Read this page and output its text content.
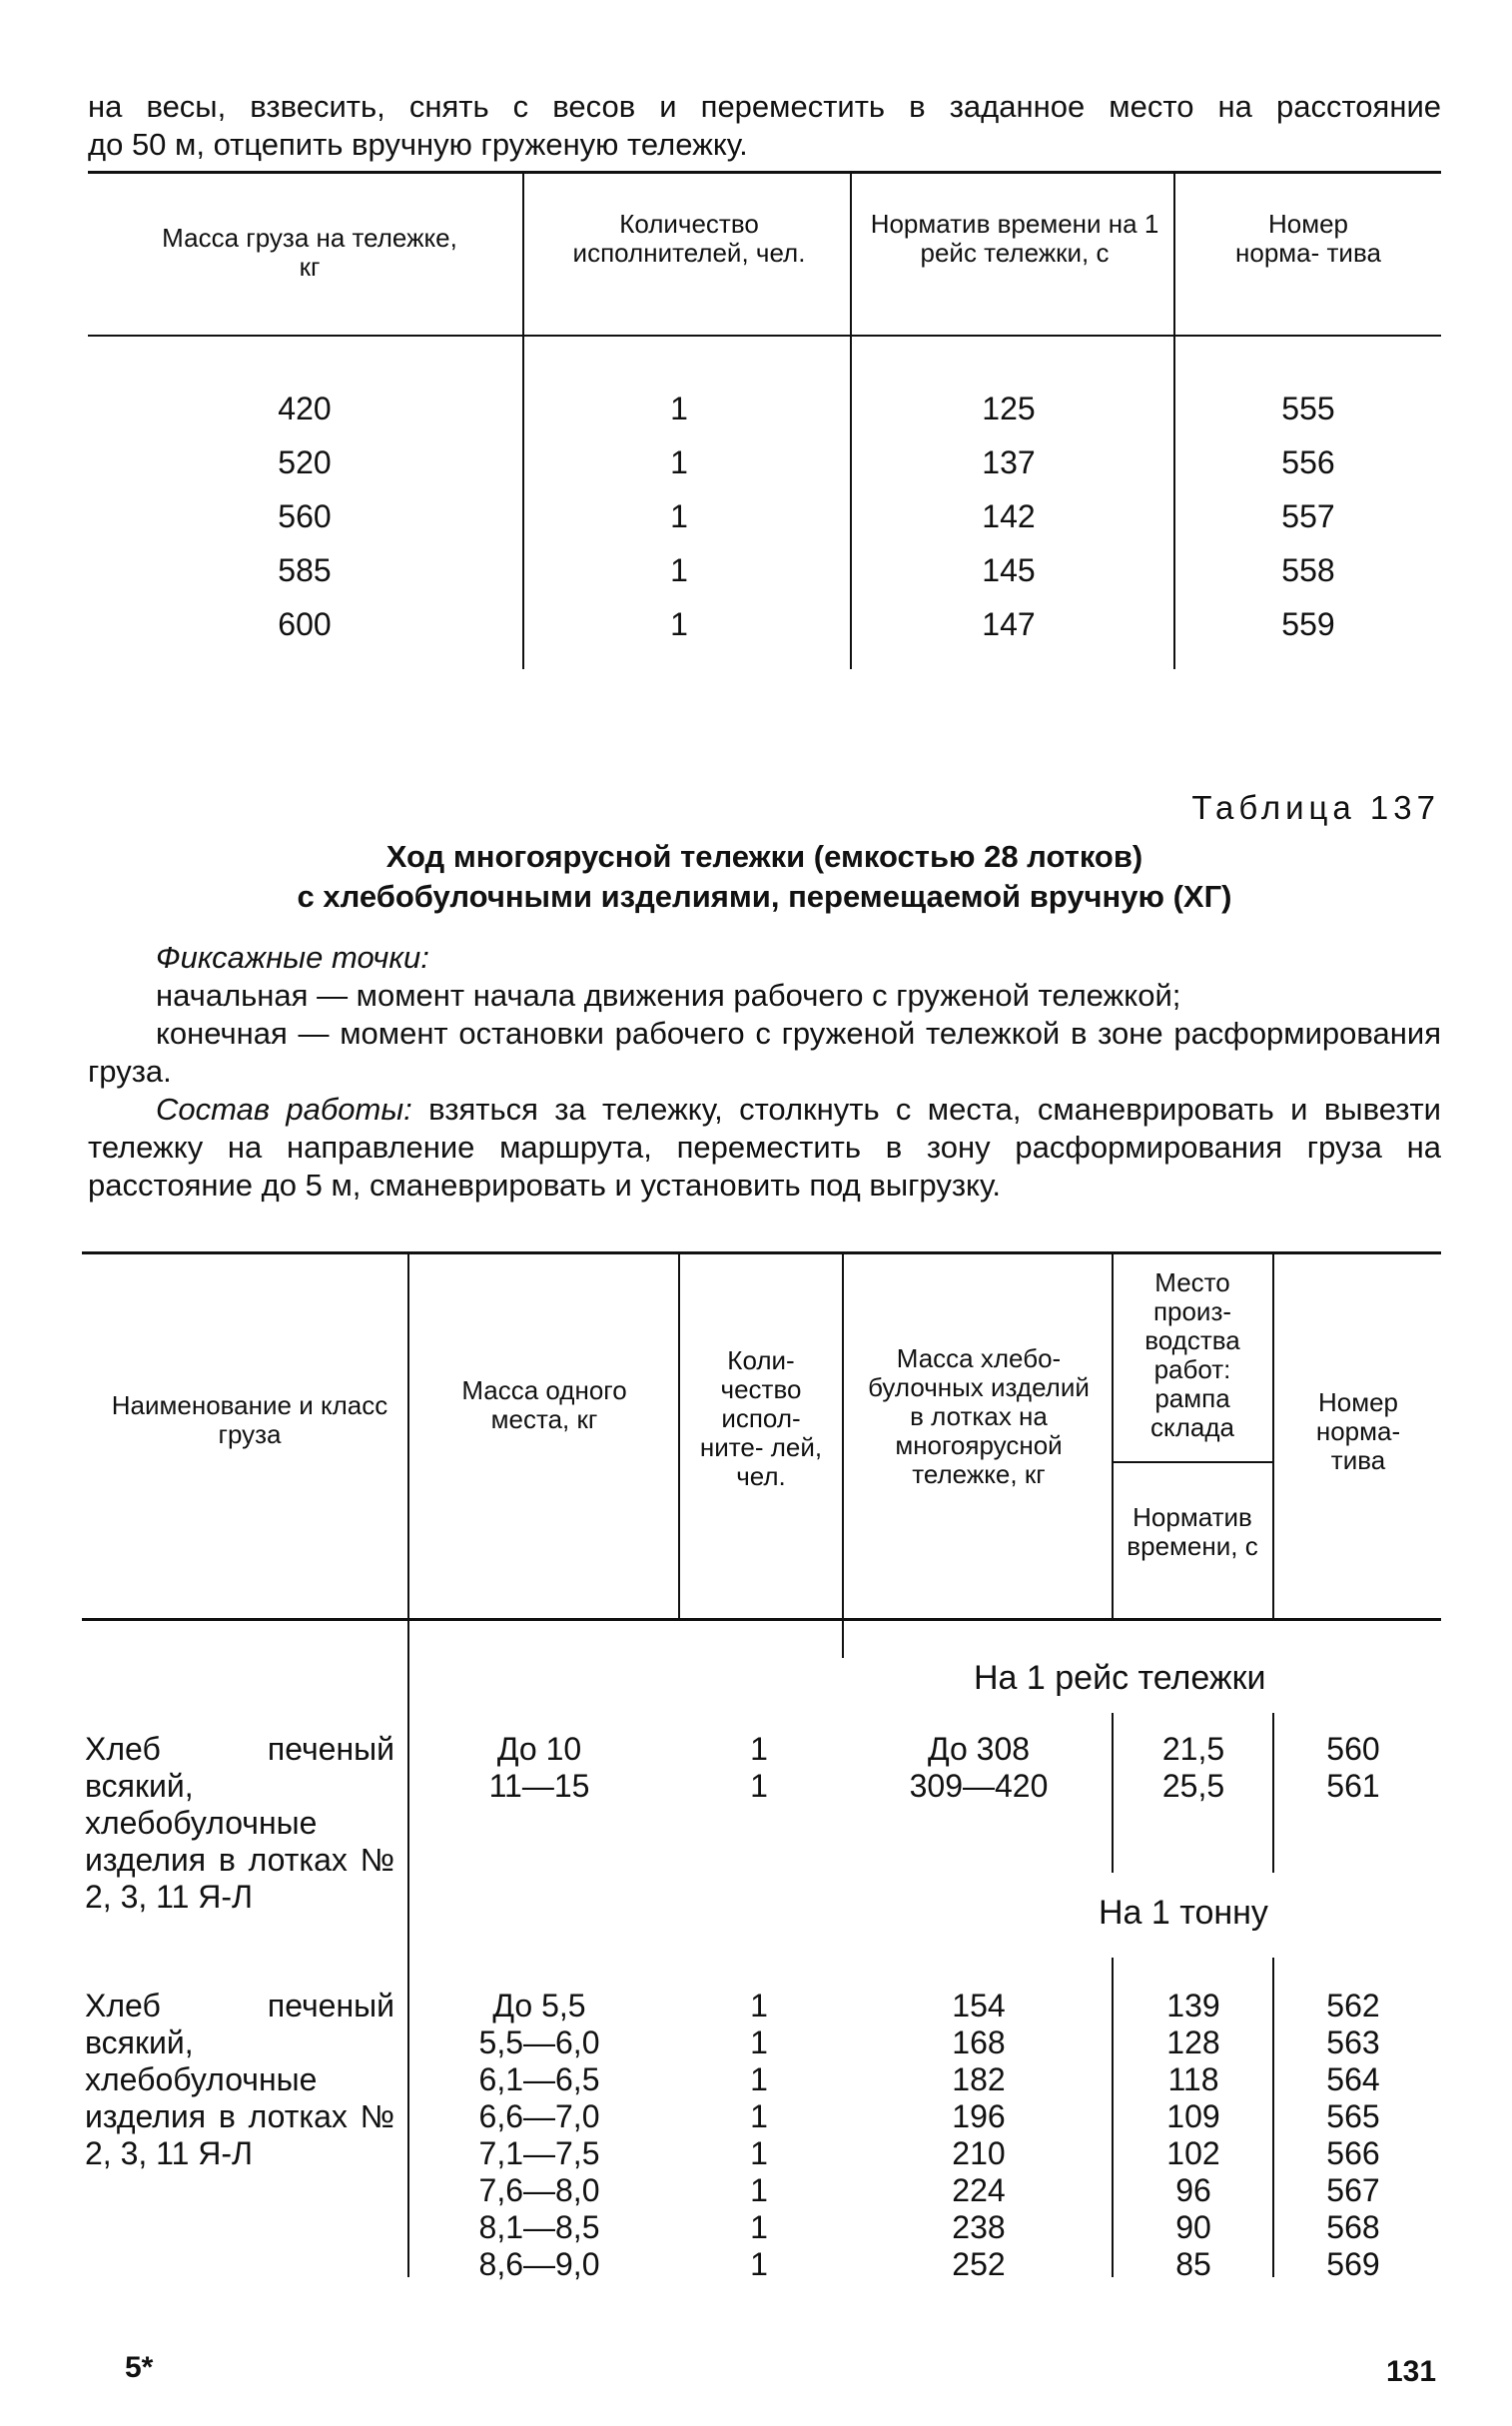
на весы, взвесить, снять с весов и переместить в заданное место на расстояние
до 50 м, отцепить вручную груженую тележку.
Масса груза на тележке, кг
Количество исполнителей, чел.
Норматив времени на 1 рейс тележки, с
Номер норма- тива
420
520
560
585
600
1
1
1
1
1
125
137
142
145
147
555
556
557
558
559
Таблица 137
Ход многоярусной тележки (емкостью 28 лотков)
с хлебобулочными изделиями, перемещаемой вручную (ХГ)
Фиксажные точки:
начальная — момент начала движения рабочего с груженой тележкой;
конечная — момент остановки рабочего с груженой тележкой в зоне расформирования груза.
Состав работы: взяться за тележку, столкнуть с места, сманеврировать и вывезти тележку на направление маршрута, переместить в зону расформирования груза на расстояние до 5 м, сманеврировать и установить под выгрузку.
Наименование и класс груза
Масса одного места, кг
Коли- чество испол- ните- лей, чел.
Масса хлебо- булочных изделий в лотках на многоярусной тележке, кг
Место произ- водства работ: рампа склада
Норматив времени, с
Номер норма- тива
На 1 рейс тележки
На 1 тонну
Хлеб печеный всякий, хлебобулочные изделия в лотках № 2, 3, 11 Я-Л
До 10
11—15
1
1
До 308
309—420
21,5
25,5
560
561
Хлеб печеный всякий, хлебобулочные изделия в лотках № 2, 3, 11 Я-Л
До 5,5
5,5—6,0
6,1—6,5
6,6—7,0
7,1—7,5
7,6—8,0
8,1—8,5
8,6—9,0
1
1
1
1
1
1
1
1
154
168
182
196
210
224
238
252
139
128
118
109
102
96
90
85
562
563
564
565
566
567
568
569
5*	131
